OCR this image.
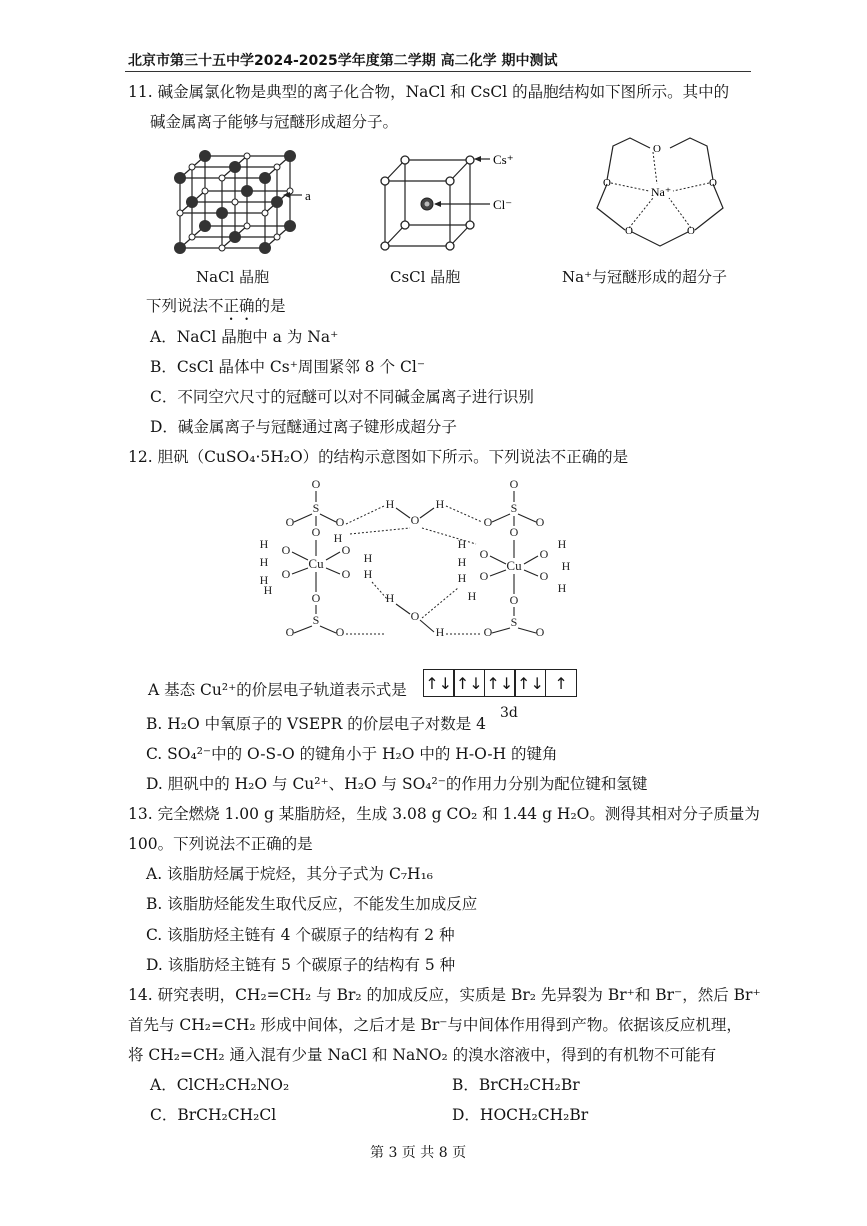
北京市第三十五中学2024-2025学年度第二学期 高二化学 期中测试
11. 碱金属氯化物是典型的离子化合物，NaCl 和 CsCl 的晶胞结构如下图所示。其中的
碱金属离子能够与冠醚形成超分子。
a
NaCl 晶胞
Cs⁺
Cl⁻
CsCl 晶胞
O
O	O
O	O
Na⁺
Na⁺与冠醚形成的超分子
下列说法不正确的是
A．NaCl 晶胞中 a 为 Na⁺
B．CsCl 晶体中 Cs⁺周围紧邻 8 个 Cl⁻
C．不同空穴尺寸的冠醚可以对不同碱金属离子进行识别
D．碱金属离子与冠醚通过离子键形成超分子
12. 胆矾（CuSO₄·5H₂O）的结构示意图如下所示。下列说法不正确的是
O
S
O	O
O
Cu
O
O
O
O
H
H
H
H
H
H
H
O
S
O	O
H
O
H
H
O
H
O
S
O	O
O
Cu
O
O
O
O
H
H
H
H
H
H
H
O
S
O	O
A 基态 Cu²⁺的价层电子轨道表示式是 ↑↓ ↑↓ ↑↓ ↑↓ ↑
3d
B. H₂O 中氧原子的 VSEPR 的价层电子对数是 4
C. SO₄²⁻中的 O-S-O 的键角小于 H₂O 中的 H-O-H 的键角
D. 胆矾中的 H₂O 与 Cu²⁺、H₂O 与 SO₄²⁻的作用力分别为配位键和氢键
13. 完全燃烧 1.00 g 某脂肪烃，生成 3.08 g CO₂ 和 1.44 g H₂O。测得其相对分子质量为
100。下列说法不正确的是
A. 该脂肪烃属于烷烃，其分子式为 C₇H₁₆
B. 该脂肪烃能发生取代反应，不能发生加成反应
C. 该脂肪烃主链有 4 个碳原子的结构有 2 种
D. 该脂肪烃主链有 5 个碳原子的结构有 5 种
14. 研究表明，CH₂=CH₂ 与 Br₂ 的加成反应，实质是 Br₂ 先异裂为 Br⁺和 Br⁻，然后 Br⁺
首先与 CH₂=CH₂ 形成中间体，之后才是 Br⁻与中间体作用得到产物。依据该反应机理，
将 CH₂=CH₂ 通入混有少量 NaCl 和 NaNO₂ 的溴水溶液中，得到的有机物不可能有
A．ClCH₂CH₂NO₂	B．BrCH₂CH₂Br
C．BrCH₂CH₂Cl	D．HOCH₂CH₂Br
第 3 页 共 8 页
